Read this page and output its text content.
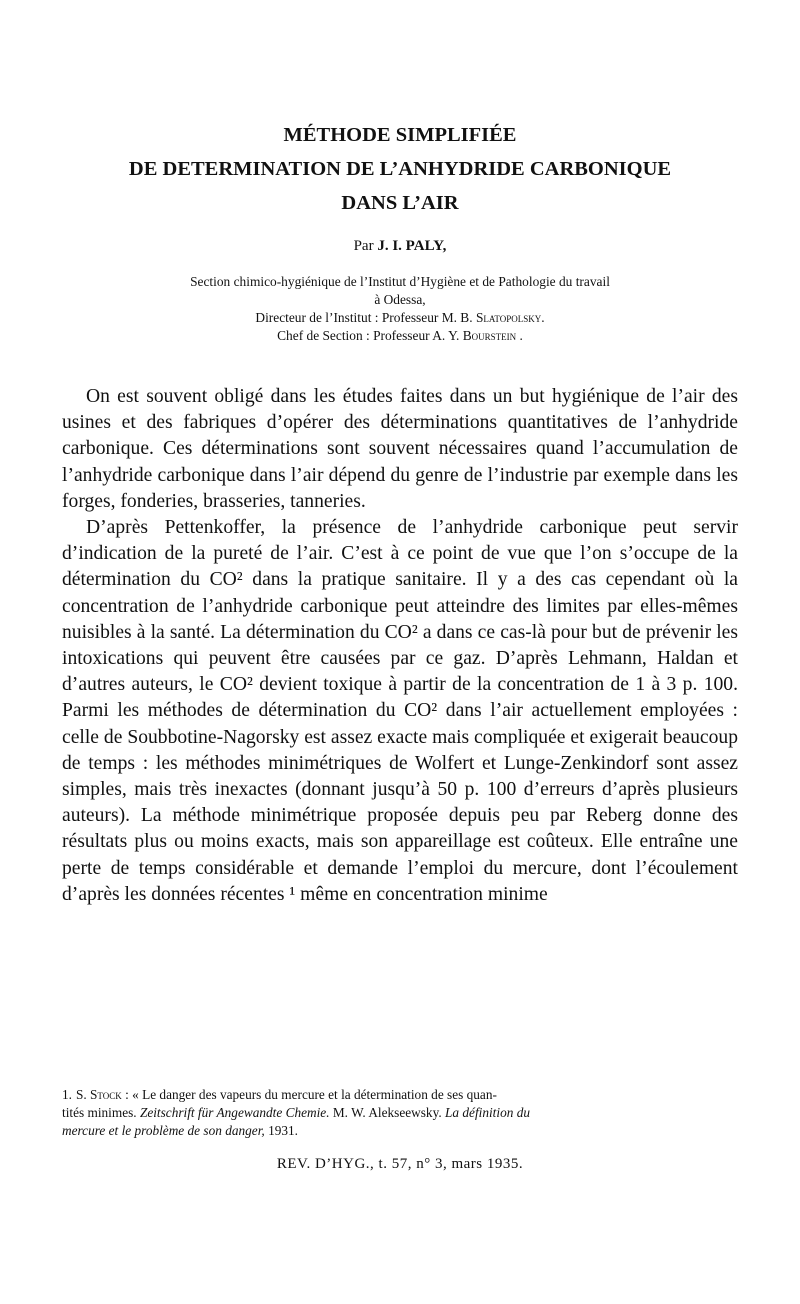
MÉTHODE SIMPLIFIÉE
DE DETERMINATION DE L’ANHYDRIDE CARBONIQUE
DANS L’AIR
Par J. I. PALY,
Section chimico-hygiénique de l’Institut d’Hygiène et de Pathologie du travail
à Odessa,
Directeur de l’Institut : Professeur M. B. Slatopolsky.
Chef de Section : Professeur A. Y. Bourstein .

On est souvent obligé dans les études faites dans un but hygiénique de l’air des usines et des fabriques d’opérer des déterminations quantitatives de l’anhydride carbonique. Ces déterminations sont souvent nécessaires quand l’accumulation de l’anhydride carbonique dans l’air dépend du genre de l’industrie par exemple dans les forges, fonderies, brasseries, tanneries.

D’après Pettenkoffer, la présence de l’anhydride carbonique peut servir d’indication de la pureté de l’air. C’est à ce point de vue que l’on s’occupe de la détermination du CO² dans la pratique sanitaire. Il y a des cas cependant où la concentration de l’anhydride carbonique peut atteindre des limites par elles-mêmes nuisibles à la santé. La détermination du CO² a dans ce cas-là pour but de prévenir les intoxications qui peuvent être causées par ce gaz. D’après Lehmann, Haldan et d’autres auteurs, le CO² devient toxique à partir de la concentration de 1 à 3 p. 100. Parmi les méthodes de détermination du CO² dans l’air actuellement employées : celle de Soubbotine-Nagorsky est assez exacte mais compliquée et exigerait beaucoup de temps : les méthodes minimétriques de Wolfert et Lunge-Zenkindorf sont assez simples, mais très inexactes (donnant jusqu’à 50 p. 100 d’erreurs d’après plusieurs auteurs). La méthode minimétrique proposée depuis peu par Reberg donne des résultats plus ou moins exacts, mais son appareillage est coûteux. Elle entraîne une perte de temps considérable et demande l’emploi du mercure, dont l’écoulement d’après les données récentes ¹ même en concentration minime

1. S. Stock : « Le danger des vapeurs du mercure et la détermination de ses quan-
tités minimes. Zeitschrift für Angewandte Chemie. M. W. Alekseewsky. La définition du
mercure et le problème de son danger, 1931.
REV. D’HYG., t. 57, n° 3, mars 1935.
